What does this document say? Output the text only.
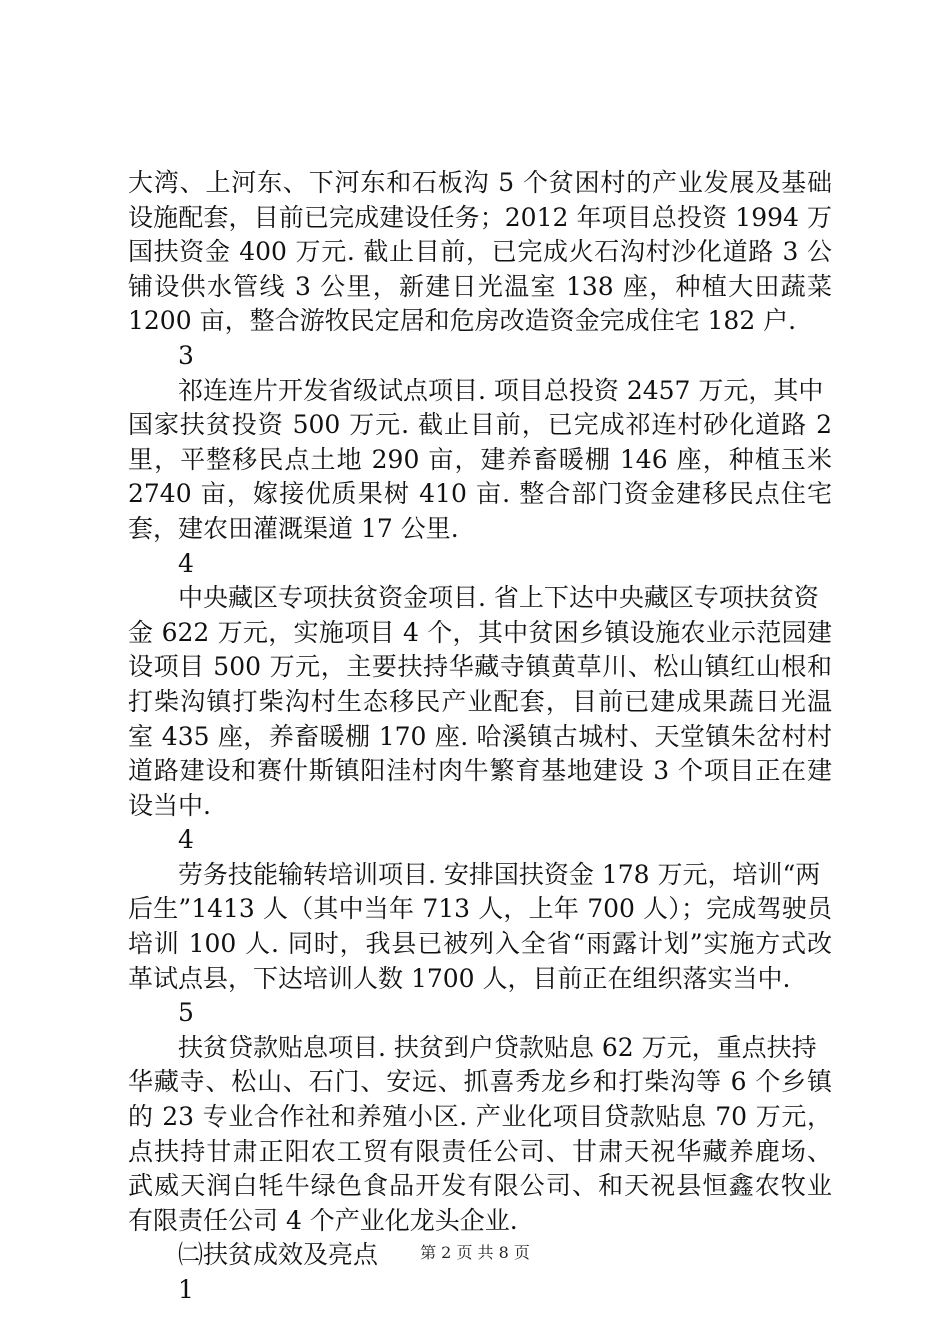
大湾、上河东、下河东和石板沟 5 个贫困村的产业发展及基础
设施配套，目前已完成建设任务；2012 年项目总投资 1994 万
国扶资金 400 万元. 截止目前，已完成火石沟村沙化道路 3 公
铺设供水管线 3 公里，新建日光温室 138 座，种植大田蔬菜
1200 亩，整合游牧民定居和危房改造资金完成住宅 182 户.
3
祁连连片开发省级试点项目. 项目总投资 2457 万元，其中
国家扶贫投资 500 万元. 截止目前，已完成祁连村砂化道路 2
里，平整移民点土地 290 亩，建养畜暖棚 146 座，种植玉米
2740 亩，嫁接优质果树 410 亩. 整合部门资金建移民点住宅
套，建农田灌溉渠道 17 公里.
4
中央藏区专项扶贫资金项目. 省上下达中央藏区专项扶贫资
金 622 万元，实施项目 4 个，其中贫困乡镇设施农业示范园建
设项目 500 万元，主要扶持华藏寺镇黄草川、松山镇红山根和
打柴沟镇打柴沟村生态移民产业配套，目前已建成果蔬日光温
室 435 座，养畜暖棚 170 座. 哈溪镇古城村、天堂镇朱岔村村
道路建设和赛什斯镇阳洼村肉牛繁育基地建设 3 个项目正在建
设当中.
4
劳务技能输转培训项目. 安排国扶资金 178 万元，培训“两
后生”1413 人（其中当年 713 人，上年 700 人）；完成驾驶员
培训 100 人. 同时，我县已被列入全省“雨露计划”实施方式改
革试点县，下达培训人数 1700 人，目前正在组织落实当中.
5
扶贫贷款贴息项目. 扶贫到户贷款贴息 62 万元，重点扶持
华藏寺、松山、石门、安远、抓喜秀龙乡和打柴沟等 6 个乡镇
的 23 专业合作社和养殖小区. 产业化项目贷款贴息 70 万元，
点扶持甘肃正阳农工贸有限责任公司、甘肃天祝华藏养鹿场、
武威天润白牦牛绿色食品开发有限公司、和天祝县恒鑫农牧业
有限责任公司 4 个产业化龙头企业.
㈡扶贫成效及亮点
1
第 2 页 共 8 页
